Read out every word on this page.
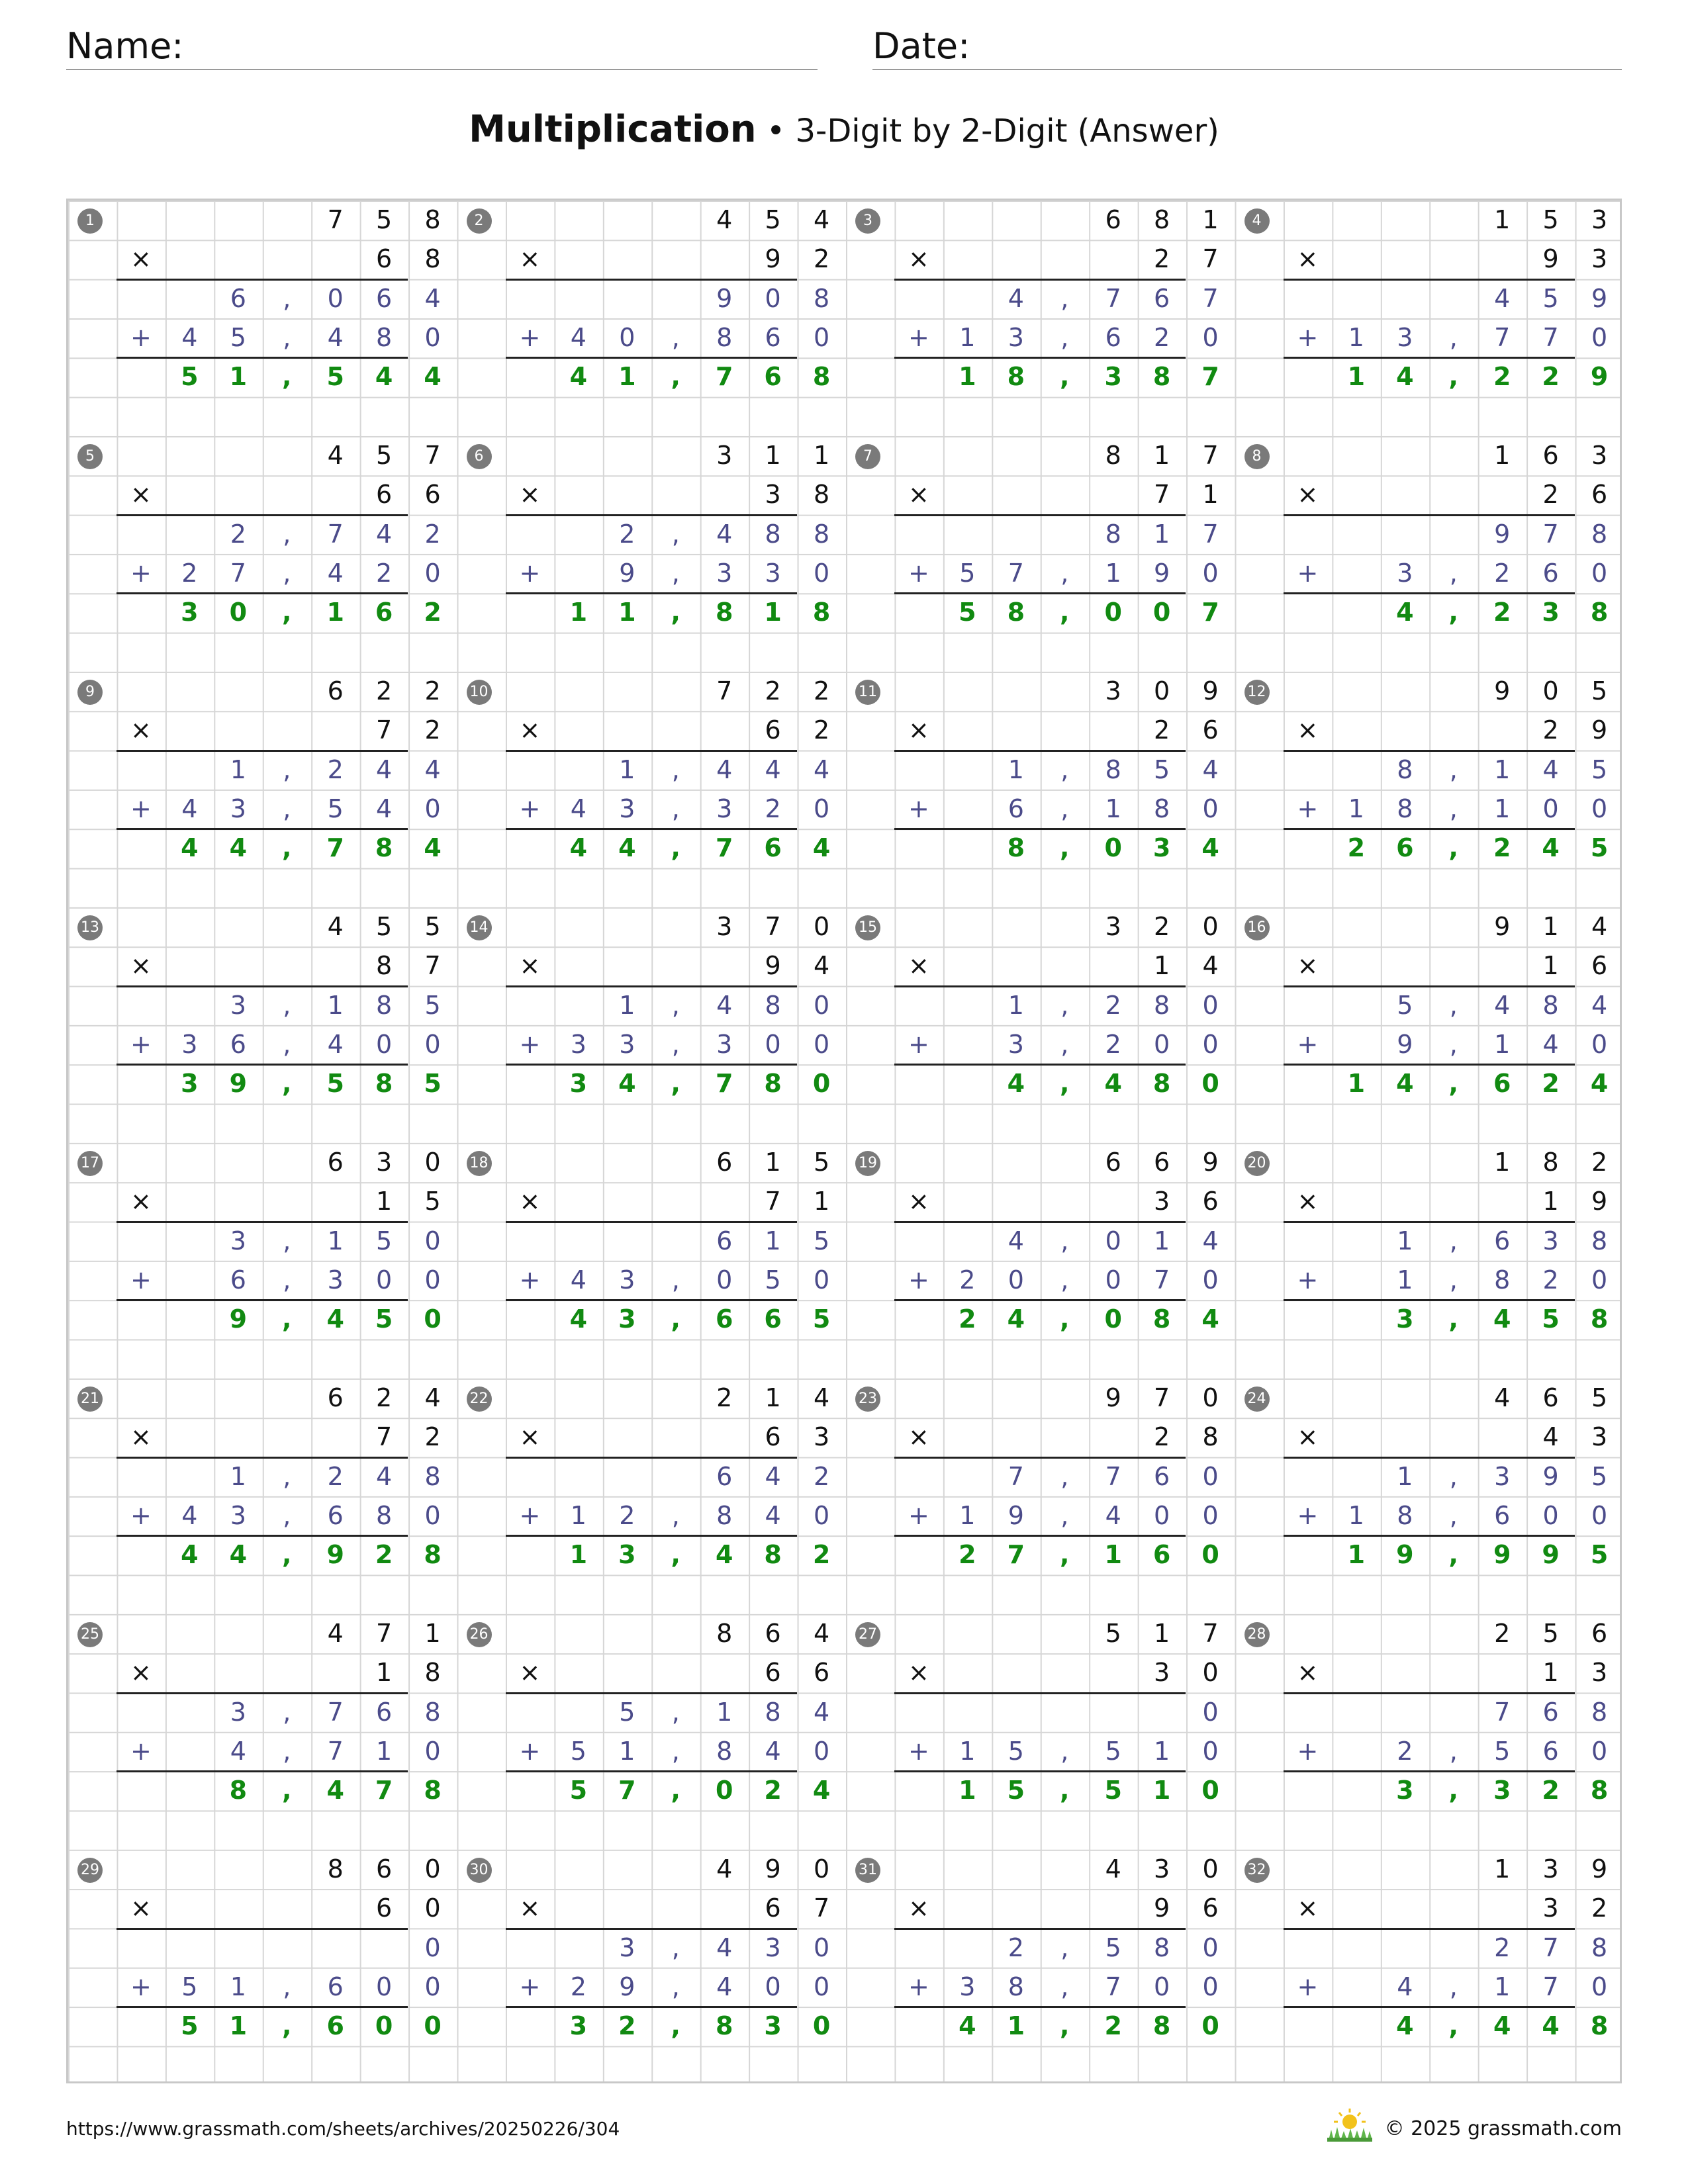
Name:	Date:
Multiplication • 3-Digit by 2-Digit (Answer)
1	7	5	8
×	6	8
6	,	0	6	4
+	4	5	,	4	8	0
5	1	,	5	4	4
2	4	5	4
×	9	2
9	0	8
+	4	0	,	8	6	0
4	1	,	7	6	8
3	6	8	1
×	2	7
4	,	7	6	7
+	1	3	,	6	2	0
1	8	,	3	8	7
4	1	5	3
×	9	3
4	5	9
+	1	3	,	7	7	0
1	4	,	2	2	9
5	4	5	7
×	6	6
2	,	7	4	2
+	2	7	,	4	2	0
3	0	,	1	6	2
6	3	1	1
×	3	8
2	,	4	8	8
+	9	,	3	3	0
1	1	,	8	1	8
7	8	1	7
×	7	1
8	1	7
+	5	7	,	1	9	0
5	8	,	0	0	7
8	1	6	3
×	2	6
9	7	8
+	3	,	2	6	0
4	,	2	3	8
9	6	2	2
×	7	2
1	,	2	4	4
+	4	3	,	5	4	0
4	4	,	7	8	4
10	7	2	2
×	6	2
1	,	4	4	4
+	4	3	,	3	2	0
4	4	,	7	6	4
11	3	0	9
×	2	6
1	,	8	5	4
+	6	,	1	8	0
8	,	0	3	4
12	9	0	5
×	2	9
8	,	1	4	5
+	1	8	,	1	0	0
2	6	,	2	4	5
13	4	5	5
×	8	7
3	,	1	8	5
+	3	6	,	4	0	0
3	9	,	5	8	5
14	3	7	0
×	9	4
1	,	4	8	0
+	3	3	,	3	0	0
3	4	,	7	8	0
15	3	2	0
×	1	4
1	,	2	8	0
+	3	,	2	0	0
4	,	4	8	0
16	9	1	4
×	1	6
5	,	4	8	4
+	9	,	1	4	0
1	4	,	6	2	4
17	6	3	0
×	1	5
3	,	1	5	0
+	6	,	3	0	0
9	,	4	5	0
18	6	1	5
×	7	1
6	1	5
+	4	3	,	0	5	0
4	3	,	6	6	5
19	6	6	9
×	3	6
4	,	0	1	4
+	2	0	,	0	7	0
2	4	,	0	8	4
20	1	8	2
×	1	9
1	,	6	3	8
+	1	,	8	2	0
3	,	4	5	8
21	6	2	4
×	7	2
1	,	2	4	8
+	4	3	,	6	8	0
4	4	,	9	2	8
22	2	1	4
×	6	3
6	4	2
+	1	2	,	8	4	0
1	3	,	4	8	2
23	9	7	0
×	2	8
7	,	7	6	0
+	1	9	,	4	0	0
2	7	,	1	6	0
24	4	6	5
×	4	3
1	,	3	9	5
+	1	8	,	6	0	0
1	9	,	9	9	5
25	4	7	1
×	1	8
3	,	7	6	8
+	4	,	7	1	0
8	,	4	7	8
26	8	6	4
×	6	6
5	,	1	8	4
+	5	1	,	8	4	0
5	7	,	0	2	4
27	5	1	7
×	3	0
0
+	1	5	,	5	1	0
1	5	,	5	1	0
28	2	5	6
×	1	3
7	6	8
+	2	,	5	6	0
3	,	3	2	8
29	8	6	0
×	6	0
0
+	5	1	,	6	0	0
5	1	,	6	0	0
30	4	9	0
×	6	7
3	,	4	3	0
+	2	9	,	4	0	0
3	2	,	8	3	0
31	4	3	0
×	9	6
2	,	5	8	0
+	3	8	,	7	0	0
4	1	,	2	8	0
32	1	3	9
×	3	2
2	7	8
+	4	,	1	7	0
4	,	4	4	8
https://www.grassmath.com/sheets/archives/20250226/304	© 2025 grassmath.com
